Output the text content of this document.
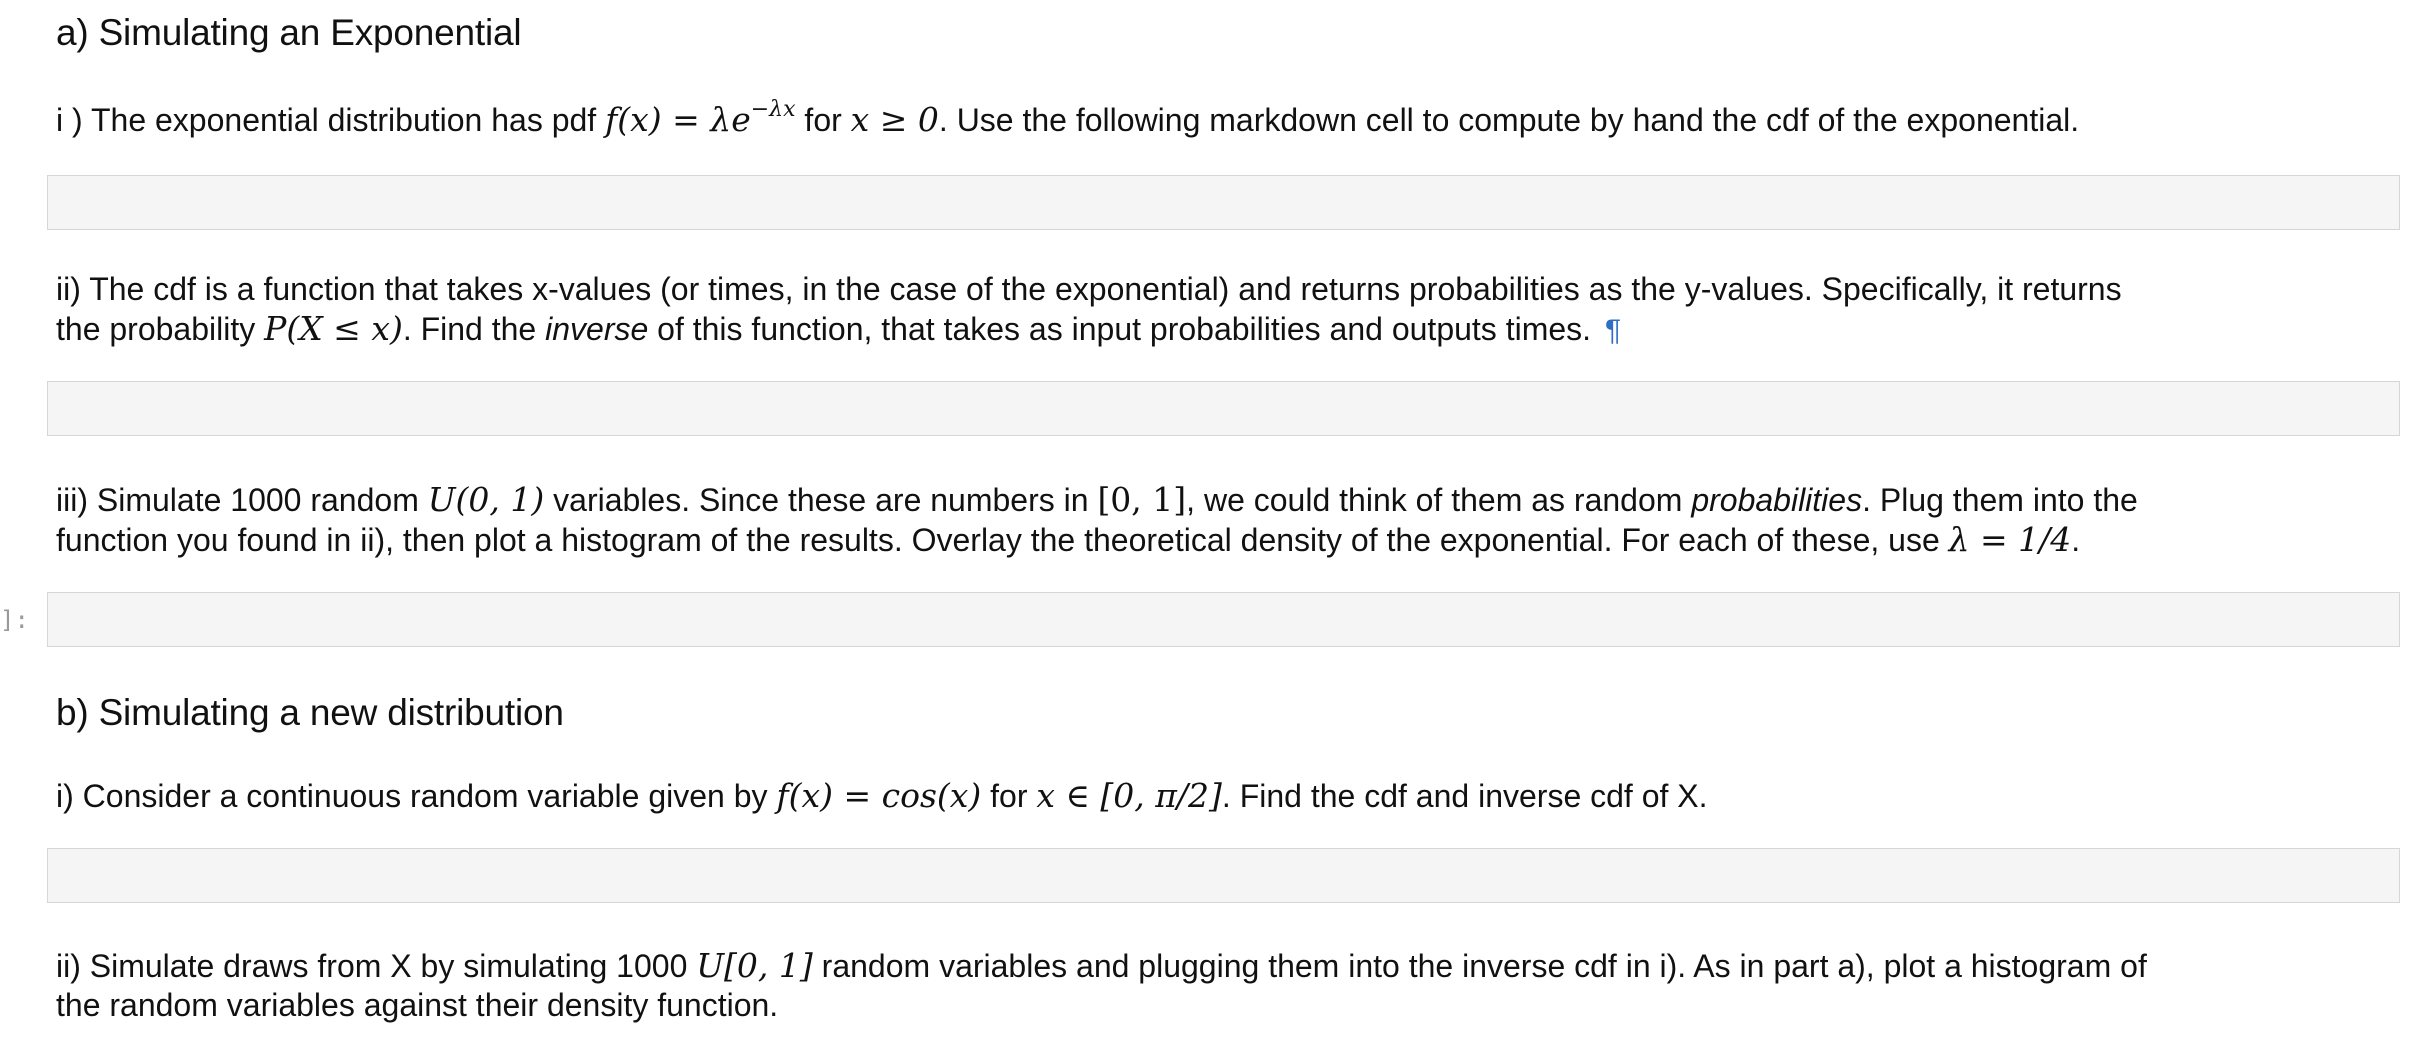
a) Simulating an Exponential

i ) The exponential distribution has pdf $f(x) = \lambda e^{-\lambda x}$ for x ≥ 0. Use the following markdown cell to compute by hand the cdf of the exponential.

ii) The cdf is a function that takes x-values (or times, in the case of the exponential) and returns probabilities as the y-values. Specifically, it returns

the probability P(X ≤ x). Find the inverse of this function, that takes as input probabilities and outputs times. ¶

iii) Simulate 1000 random U(0, 1) variables. Since these are numbers in [0, 1], we could think of them as random probabilities. Plug them into the

function you found in ii), then plot a histogram of the results. Overlay the theoretical density of the exponential. For each of these, use λ = 1/4.

]:
b) Simulating a new distribution

i) Consider a continuous random variable given by f(x) = cos(x) for x ∈ [0, π/2]. Find the cdf and inverse cdf of X.

ii) Simulate draws from X by simulating 1000 U[0, 1] random variables and plugging them into the inverse cdf in i). As in part a), plot a histogram of

the random variables against their density function.
